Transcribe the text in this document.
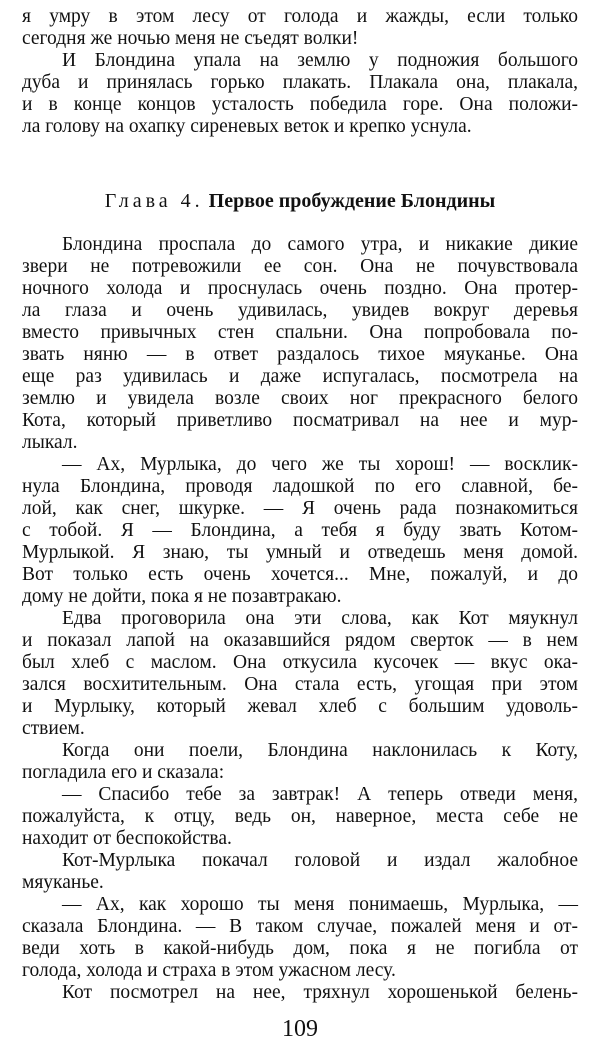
я умру в этом лесу от голода и жажды, если только
сегодня же ночью меня не съедят волки!
И Блондина упала на землю у подножия большого
дуба и принялась горько плакать. Плакала она, плакала,
и в конце концов усталость победила горе. Она положи-
ла голову на охапку сиреневых веток и крепко уснула.
Глава 4. Первое пробуждение Блондины
Блондина проспала до самого утра, и никакие дикие
звери не потревожили ее сон. Она не почувствовала
ночного холода и проснулась очень поздно. Она протер-
ла глаза и очень удивилась, увидев вокруг деревья
вместо привычных стен спальни. Она попробовала по-
звать няню — в ответ раздалось тихое мяуканье. Она
еще раз удивилась и даже испугалась, посмотрела на
землю и увидела возле своих ног прекрасного белого
Кота, который приветливо посматривал на нее и мур-
лыкал.
— Ах, Мурлыка, до чего же ты хорош! — восклик-
нула Блондина, проводя ладошкой по его славной, бе-
лой, как снег, шкурке. — Я очень рада познакомиться
с тобой. Я — Блондина, а тебя я буду звать Котом-
Мурлыкой. Я знаю, ты умный и отведешь меня домой.
Вот только есть очень хочется... Мне, пожалуй, и до
дому не дойти, пока я не позавтракаю.
Едва проговорила она эти слова, как Кот мяукнул
и показал лапой на оказавшийся рядом сверток — в нем
был хлеб с маслом. Она откусила кусочек — вкус ока-
зался восхитительным. Она стала есть, угощая при этом
и Мурлыку, который жевал хлеб с большим удоволь-
ствием.
Когда они поели, Блондина наклонилась к Коту,
погладила его и сказала:
— Спасибо тебе за завтрак! А теперь отведи меня,
пожалуйста, к отцу, ведь он, наверное, места себе не
находит от беспокойства.
Кот-Мурлыка покачал головой и издал жалобное
мяуканье.
— Ах, как хорошо ты меня понимаешь, Мурлыка, —
сказала Блондина. — В таком случае, пожалей меня и от-
веди хоть в какой-нибудь дом, пока я не погибла от
голода, холода и страха в этом ужасном лесу.
Кот посмотрел на нее, тряхнул хорошенькой белень-
109
